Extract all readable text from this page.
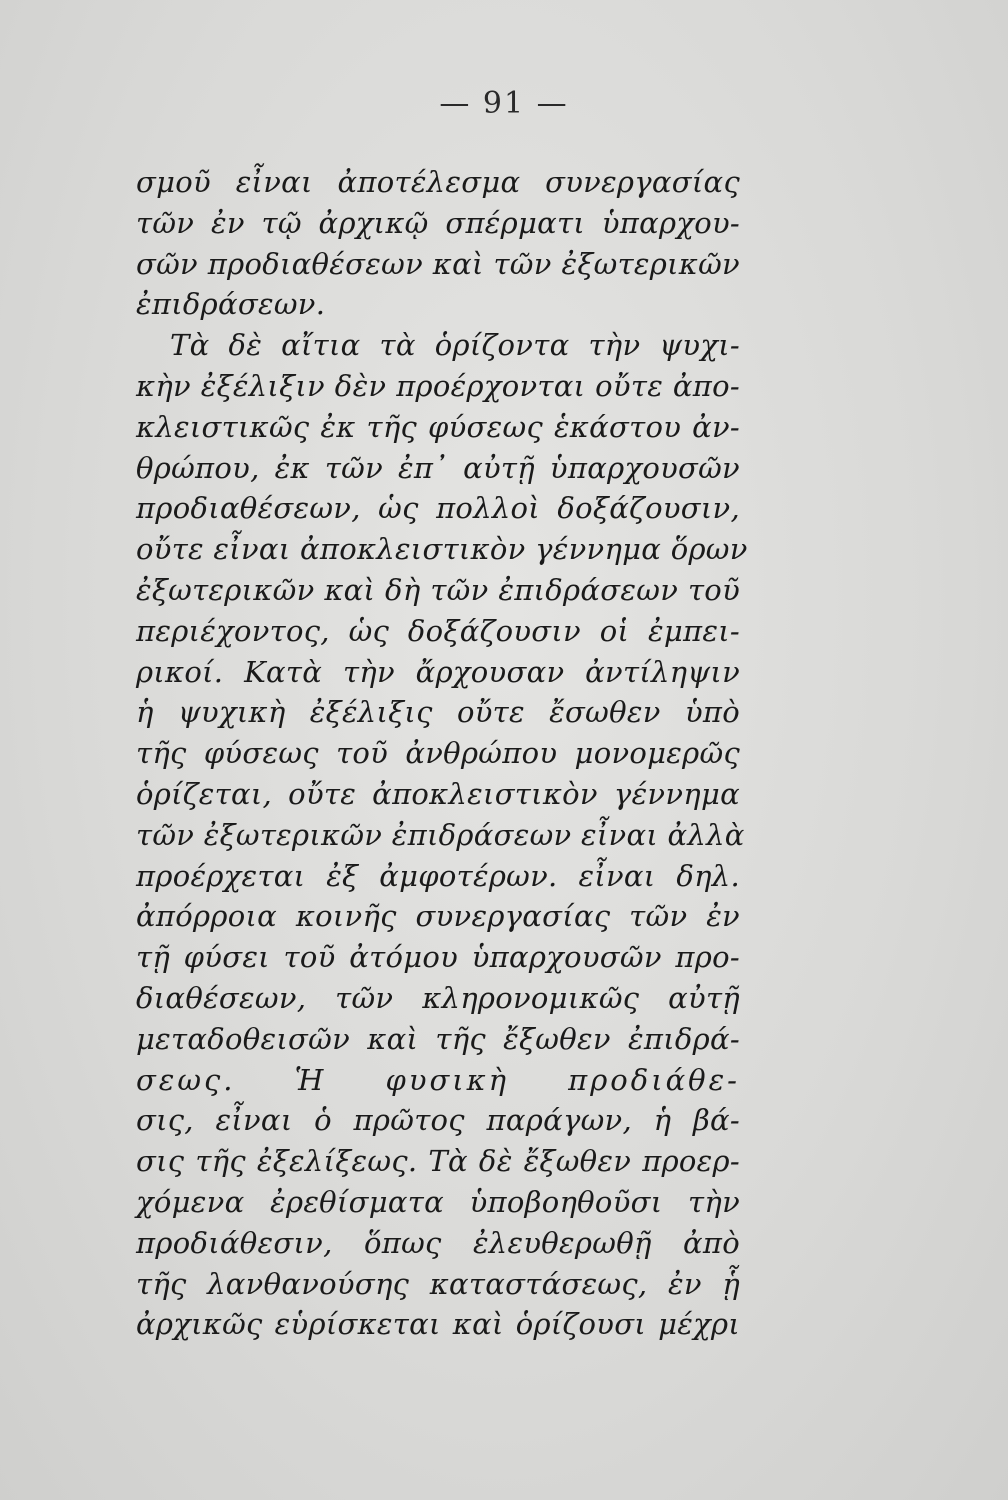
— 91 —
σμοῦ εἶναι ἀποτέλεσμα συνεργασίας
τῶν ἐν τῷ ἀρχικῷ σπέρματι ὑπαρχου-
σῶν προδιαθέσεων καὶ τῶν ἐξωτερικῶν
ἐπιδράσεων.
Τὰ δὲ αἴτια τὰ ὁρίζοντα τὴν ψυχι-
κὴν ἐξέλιξιν δὲν προέρχονται οὔτε ἀπο-
κλειστικῶς ἐκ τῆς φύσεως ἑκάστου ἀν-
θρώπου, ἐκ τῶν ἐπ᾿ αὐτῇ ὑπαρχουσῶν
προδιαθέσεων, ὡς πολλοὶ δοξάζουσιν,
οὔτε εἶναι ἀποκλειστικὸν γέννημα ὅρων
ἐξωτερικῶν καὶ δὴ τῶν ἐπιδράσεων τοῦ
περιέχοντος, ὡς δοξάζουσιν οἱ ἐμπει-
ρικοί. Κατὰ τὴν ἄρχουσαν ἀντίληψιν
ἡ ψυχικὴ ἐξέλιξις οὔτε ἔσωθεν ὑπὸ
τῆς φύσεως τοῦ ἀνθρώπου μονομερῶς
ὁρίζεται, οὔτε ἀποκλειστικὸν γέννημα
τῶν ἐξωτερικῶν ἐπιδράσεων εἶναι ἀλλὰ
προέρχεται ἐξ ἀμφοτέρων. εἶναι δηλ.
ἀπόρροια κοινῆς συνεργασίας τῶν ἐν
τῇ φύσει τοῦ ἀτόμου ὑπαρχουσῶν προ-
διαθέσεων, τῶν κληρονομικῶς αὐτῇ
μεταδοθεισῶν καὶ τῆς ἔξωθεν ἐπιδρά-
σεως. Ἡ φυσικὴ προδιάθε-
σις, εἶναι ὁ πρῶτος παράγων, ἡ βά-
σις τῆς ἐξελίξεως. Τὰ δὲ ἔξωθεν προερ-
χόμενα ἐρεθίσματα ὑποβοηθοῦσι τὴν
προδιάθεσιν, ὅπως ἐλευθερωθῇ ἀπὸ
τῆς λανθανούσης καταστάσεως, ἐν ᾗ
ἀρχικῶς εὑρίσκεται καὶ ὁρίζουσι μέχρι
